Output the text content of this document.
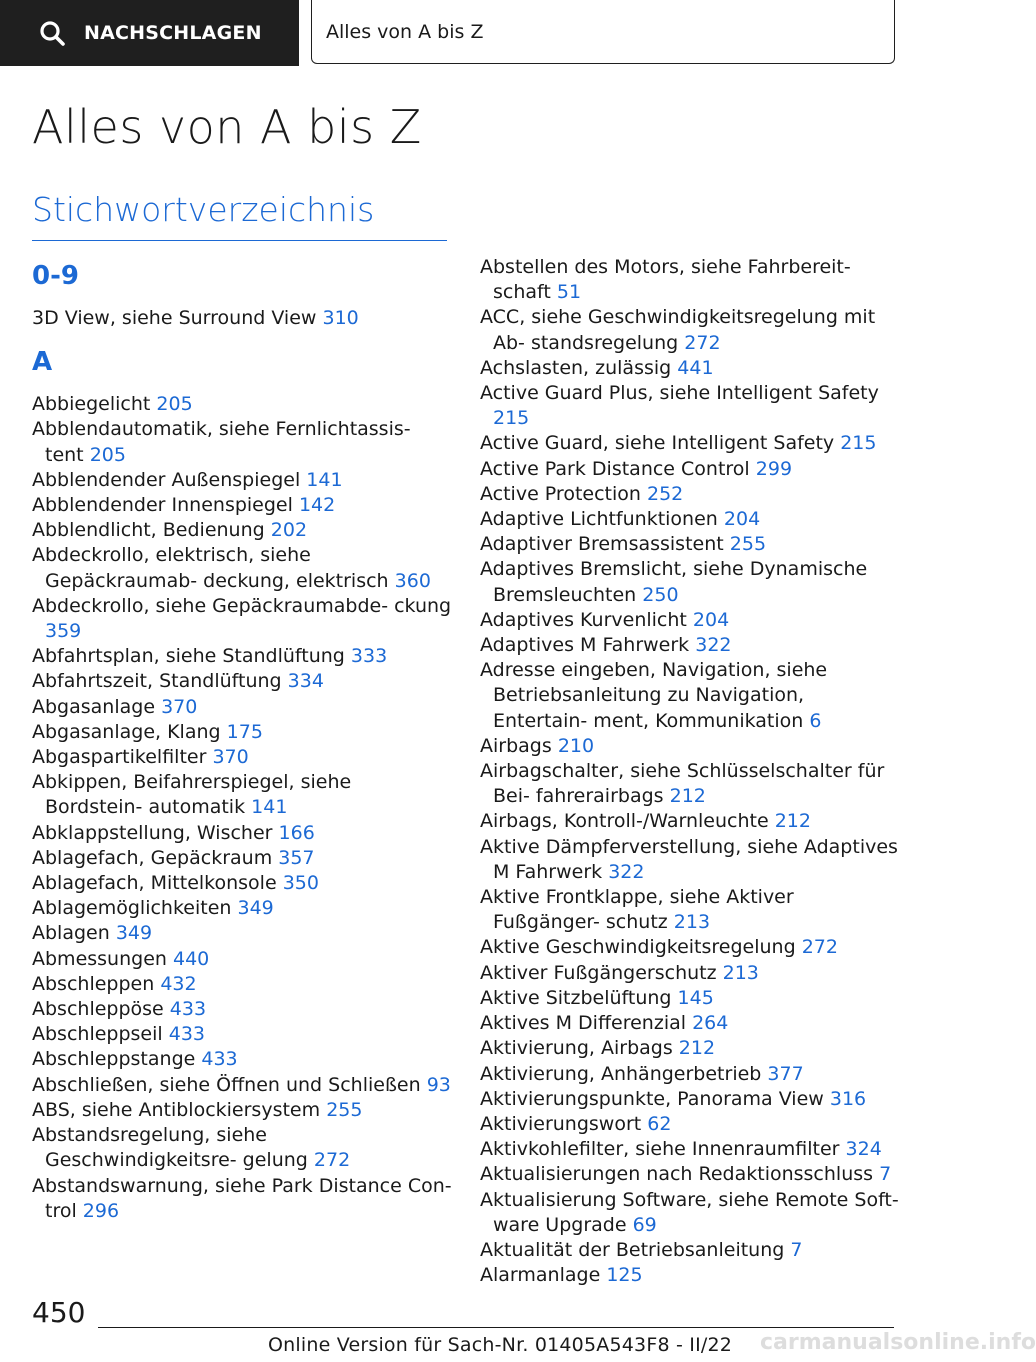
NACHSCHLAGEN	Alles von A bis Z
Alles von A bis Z
Stichwortverzeichnis
0-9
3D View, siehe Surround View 310
A
Abbiegelicht 205
Abblendautomatik, siehe Fernlichtassis- tent 205
Abblendender Außenspiegel 141
Abblendender Innenspiegel 142
Abblendlicht, Bedienung 202
Abdeckrollo, elektrisch, siehe Gepäckraumab- deckung, elektrisch 360
Abdeckrollo, siehe Gepäckraumabde- ckung 359
Abfahrtsplan, siehe Standlüftung 333
Abfahrtszeit, Standlüftung 334
Abgasanlage 370
Abgasanlage, Klang 175
Abgaspartikelfilter 370
Abkippen, Beifahrerspiegel, siehe Bordstein- automatik 141
Abklappstellung, Wischer 166
Ablagefach, Gepäckraum 357
Ablagefach, Mittelkonsole 350
Ablagemöglichkeiten 349
Ablagen 349
Abmessungen 440
Abschleppen 432
Abschleppöse 433
Abschleppseil 433
Abschleppstange 433
Abschließen, siehe Öffnen und Schließen 93
ABS, siehe Antiblockiersystem 255
Abstandsregelung, siehe Geschwindigkeitsre- gelung 272
Abstandswarnung, siehe Park Distance Con- trol 296
Abstellen des Motors, siehe Fahrbereit- schaft 51
ACC, siehe Geschwindigkeitsregelung mit Ab- standsregelung 272
Achslasten, zulässig 441
Active Guard Plus, siehe Intelligent Safety 215
Active Guard, siehe Intelligent Safety 215
Active Park Distance Control 299
Active Protection 252
Adaptive Lichtfunktionen 204
Adaptiver Bremsassistent 255
Adaptives Bremslicht, siehe Dynamische Bremsleuchten 250
Adaptives Kurvenlicht 204
Adaptives M Fahrwerk 322
Adresse eingeben, Navigation, siehe Betriebsanleitung zu Navigation, Entertain- ment, Kommunikation 6
Airbags 210
Airbagschalter, siehe Schlüsselschalter für Bei- fahrerairbags 212
Airbags, Kontroll-/Warnleuchte 212
Aktive Dämpferverstellung, siehe Adaptives M Fahrwerk 322
Aktive Frontklappe, siehe Aktiver Fußgänger- schutz 213
Aktive Geschwindigkeitsregelung 272
Aktiver Fußgängerschutz 213
Aktive Sitzbelüftung 145
Aktives M Differenzial 264
Aktivierung, Airbags 212
Aktivierung, Anhängerbetrieb 377
Aktivierungspunkte, Panorama View 316
Aktivierungswort 62
Aktivkohlefilter, siehe Innenraumfilter 324
Aktualisierungen nach Redaktionsschluss 7
Aktualisierung Software, siehe Remote Soft- ware Upgrade 69
Aktualität der Betriebsanleitung 7
Alarmanlage 125
450
Online Version für Sach-Nr. 01405A543F8 - II/22 carmanualsonline.info
